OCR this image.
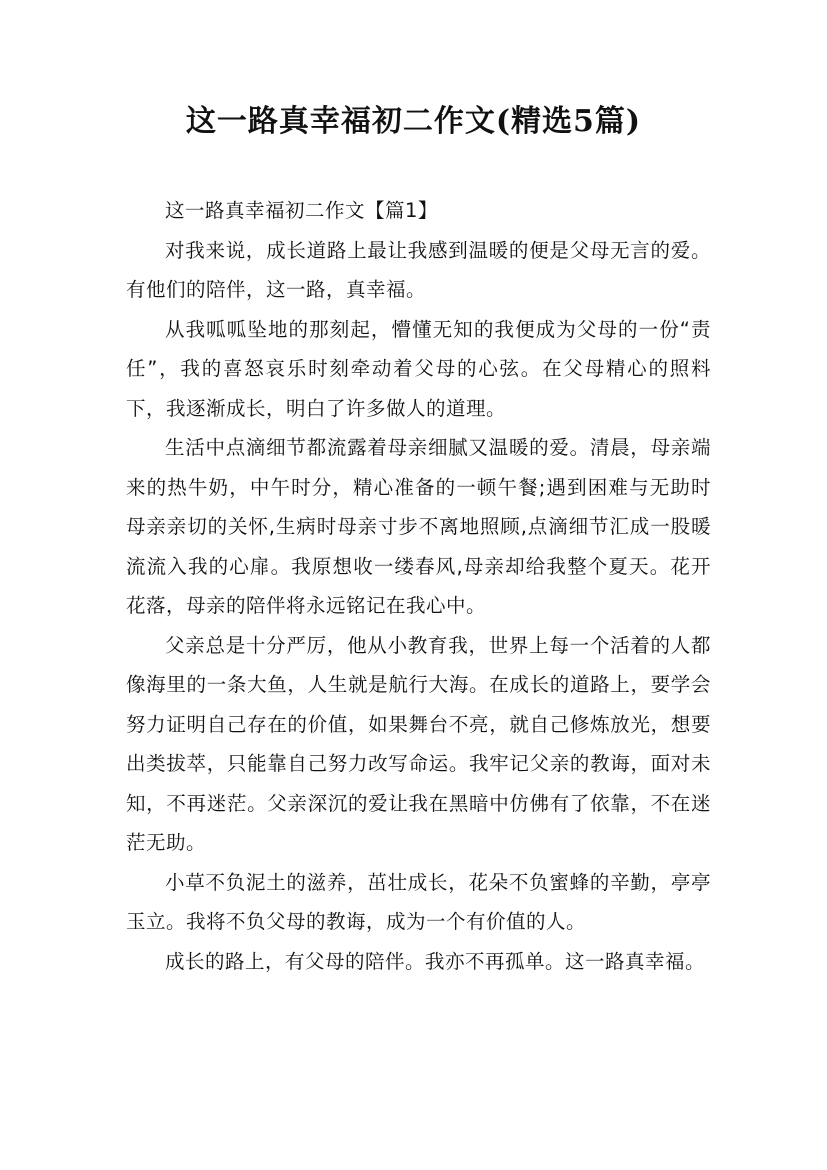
这一路真幸福初二作文(精选5篇)

这一路真幸福初二作文【篇1】

对我来说，成长道路上最让我感到温暖的便是父母无言的爱。有他们的陪伴，这一路，真幸福。

从我呱呱坠地的那刻起，懵懂无知的我便成为父母的一份“责任”，我的喜怒哀乐时刻牵动着父母的心弦。在父母精心的照料下，我逐渐成长，明白了许多做人的道理。

生活中点滴细节都流露着母亲细腻又温暖的爱。清晨，母亲端来的热牛奶，中午时分，精心准备的一顿午餐;遇到困难与无助时母亲亲切的关怀,生病时母亲寸步不离地照顾,点滴细节汇成一股暖流流入我的心扉。我原想收一缕春风,母亲却给我整个夏天。花开花落，母亲的陪伴将永远铭记在我心中。

父亲总是十分严厉，他从小教育我，世界上每一个活着的人都像海里的一条大鱼，人生就是航行大海。在成长的道路上，要学会努力证明自己存在的价值，如果舞台不亮，就自己修炼放光，想要出类拔萃，只能靠自己努力改写命运。我牢记父亲的教诲，面对未知，不再迷茫。父亲深沉的爱让我在黑暗中仿佛有了依靠，不在迷茫无助。

小草不负泥土的滋养，茁壮成长，花朵不负蜜蜂的辛勤，亭亭玉立。我将不负父母的教诲，成为一个有价值的人。

成长的路上，有父母的陪伴。我亦不再孤单。这一路真幸福。
